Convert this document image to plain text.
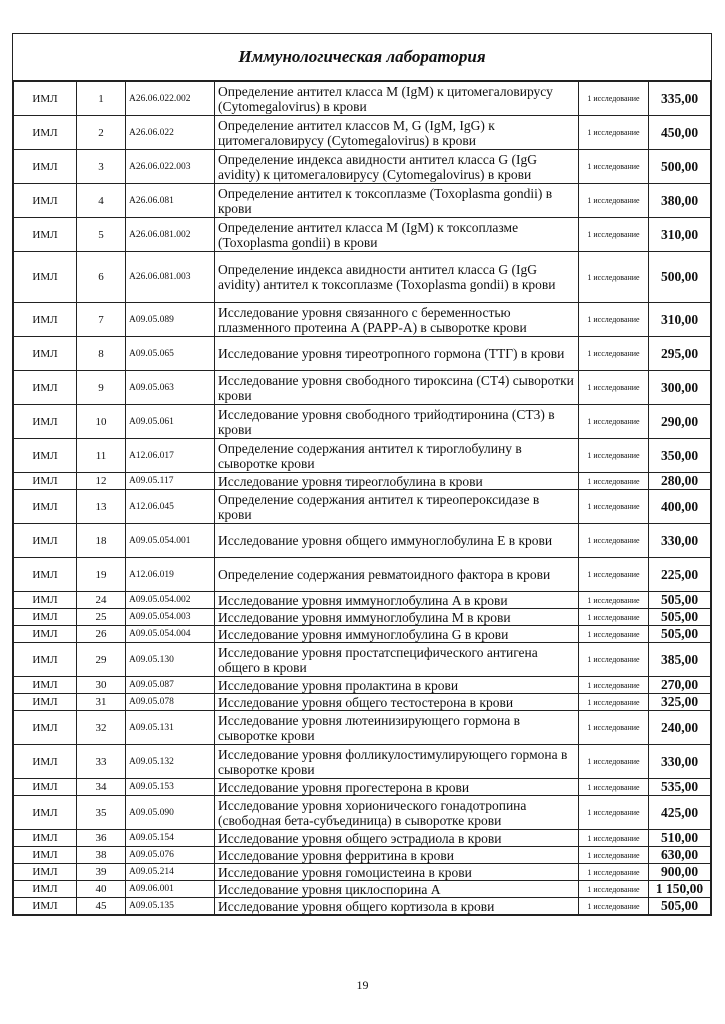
Иммунологическая лаборатория
ИМЛ	1	A26.06.022.002	Определение антител класса M (IgM) к цитомегаловирусу (Cytomegalovirus) в крови	1 исследование	335,00
ИМЛ	2	A26.06.022	Определение антител классов M, G (IgM, IgG) к цитомегаловирусу (Cytomegalovirus) в крови	1 исследование	450,00
ИМЛ	3	A26.06.022.003	Определение индекса авидности антител класса G (IgG avidity) к цитомегаловирусу (Cytomegalovirus) в крови	1 исследование	500,00
ИМЛ	4	A26.06.081	Определение антител к токсоплазме (Toxoplasma gondii) в крови	1 исследование	380,00
ИМЛ	5	A26.06.081.002	Определение антител класса M (IgM) к токсоплазме (Toxoplasma gondii) в крови	1 исследование	310,00
ИМЛ	6	A26.06.081.003	Определение индекса авидности антител класса G (IgG avidity) антител к токсоплазме (Toxoplasma gondii) в крови	1 исследование	500,00
ИМЛ	7	A09.05.089	Исследование уровня связанного с беременностью плазменного протеина A (PAPP-A) в сыворотке крови	1 исследование	310,00
ИМЛ	8	A09.05.065	Исследование уровня тиреотропного гормона (ТТГ) в крови	1 исследование	295,00
ИМЛ	9	A09.05.063	Исследование уровня свободного тироксина (СТ4) сыворотки крови	1 исследование	300,00
ИМЛ	10	A09.05.061	Исследование уровня свободного трийодтиронина (СТ3) в крови	1 исследование	290,00
ИМЛ	11	A12.06.017	Определение содержания антител к тироглобулину в сыворотке крови	1 исследование	350,00
ИМЛ	12	A09.05.117	Исследование уровня тиреоглобулина в крови	1 исследование	280,00
ИМЛ	13	A12.06.045	Определение содержания антител к тиреопероксидазе в крови	1 исследование	400,00
ИМЛ	18	A09.05.054.001	Исследование уровня общего иммуноглобулина E в крови	1 исследование	330,00
ИМЛ	19	A12.06.019	Определение содержания ревматоидного фактора в крови	1 исследование	225,00
ИМЛ	24	A09.05.054.002	Исследование уровня иммуноглобулина A в крови	1 исследование	505,00
ИМЛ	25	A09.05.054.003	Исследование уровня иммуноглобулина M в крови	1 исследование	505,00
ИМЛ	26	A09.05.054.004	Исследование уровня иммуноглобулина G в крови	1 исследование	505,00
ИМЛ	29	A09.05.130	Исследование уровня простатспецифического антигена общего в крови	1 исследование	385,00
ИМЛ	30	A09.05.087	Исследование уровня пролактина в крови	1 исследование	270,00
ИМЛ	31	A09.05.078	Исследование уровня общего тестостерона в крови	1 исследование	325,00
ИМЛ	32	A09.05.131	Исследование уровня лютеинизирующего гормона в сыворотке крови	1 исследование	240,00
ИМЛ	33	A09.05.132	Исследование уровня фолликулостимулирующего гормона в сыворотке крови	1 исследование	330,00
ИМЛ	34	A09.05.153	Исследование уровня прогестерона в крови	1 исследование	535,00
ИМЛ	35	A09.05.090	Исследование уровня хорионического гонадотропина (свободная бета-субъединица) в сыворотке крови	1 исследование	425,00
ИМЛ	36	A09.05.154	Исследование уровня общего эстрадиола в крови	1 исследование	510,00
ИМЛ	38	A09.05.076	Исследование уровня ферритина в крови	1 исследование	630,00
ИМЛ	39	A09.05.214	Исследование уровня гомоцистеина в крови	1 исследование	900,00
ИМЛ	40	A09.06.001	Исследование уровня циклоспорина A	1 исследование	1 150,00
ИМЛ	45	A09.05.135	Исследование уровня общего кортизола в крови	1 исследование	505,00
19
